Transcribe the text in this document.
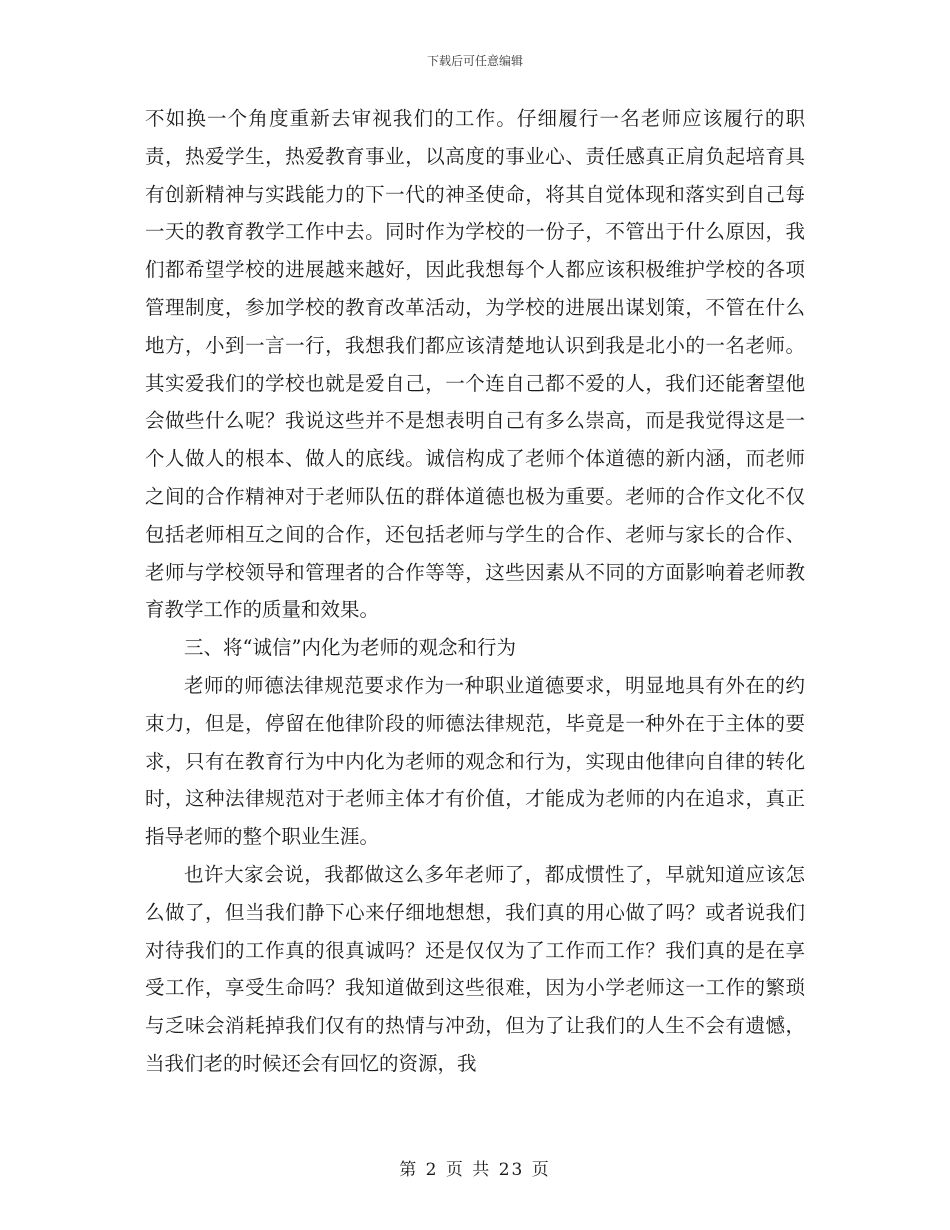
下载后可任意编辑

不如换一个角度重新去审视我们的工作。仔细履行一名老师应该履行的职责，热爱学生，热爱教育事业，以高度的事业心、责任感真正肩负起培育具有创新精神与实践能力的下一代的神圣使命，将其自觉体现和落实到自己每一天的教育教学工作中去。同时作为学校的一份子，不管出于什么原因，我们都希望学校的进展越来越好，因此我想每个人都应该积极维护学校的各项管理制度，参加学校的教育改革活动，为学校的进展出谋划策，不管在什么地方，小到一言一行，我想我们都应该清楚地认识到我是北小的一名老师。其实爱我们的学校也就是爱自己，一个连自己都不爱的人，我们还能奢望他会做些什么呢？我说这些并不是想表明自己有多么崇高，而是我觉得这是一个人做人的根本、做人的底线。诚信构成了老师个体道德的新内涵，而老师之间的合作精神对于老师队伍的群体道德也极为重要。老师的合作文化不仅包括老师相互之间的合作，还包括老师与学生的合作、老师与家长的合作、老师与学校领导和管理者的合作等等，这些因素从不同的方面影响着老师教育教学工作的质量和效果。

三、将“诚信”内化为老师的观念和行为

老师的师德法律规范要求作为一种职业道德要求，明显地具有外在的约束力，但是，停留在他律阶段的师德法律规范，毕竟是一种外在于主体的要求，只有在教育行为中内化为老师的观念和行为，实现由他律向自律的转化时，这种法律规范对于老师主体才有价值，才能成为老师的内在追求，真正指导老师的整个职业生涯。

也许大家会说，我都做这么多年老师了，都成惯性了，早就知道应该怎么做了，但当我们静下心来仔细地想想，我们真的用心做了吗？或者说我们对待我们的工作真的很真诚吗？还是仅仅为了工作而工作？我们真的是在享受工作，享受生命吗？我知道做到这些很难，因为小学老师这一工作的繁琐与乏味会消耗掉我们仅有的热情与冲劲，但为了让我们的人生不会有遗憾，当我们老的时候还会有回忆的资源，我

第 2 页 共 23 页
